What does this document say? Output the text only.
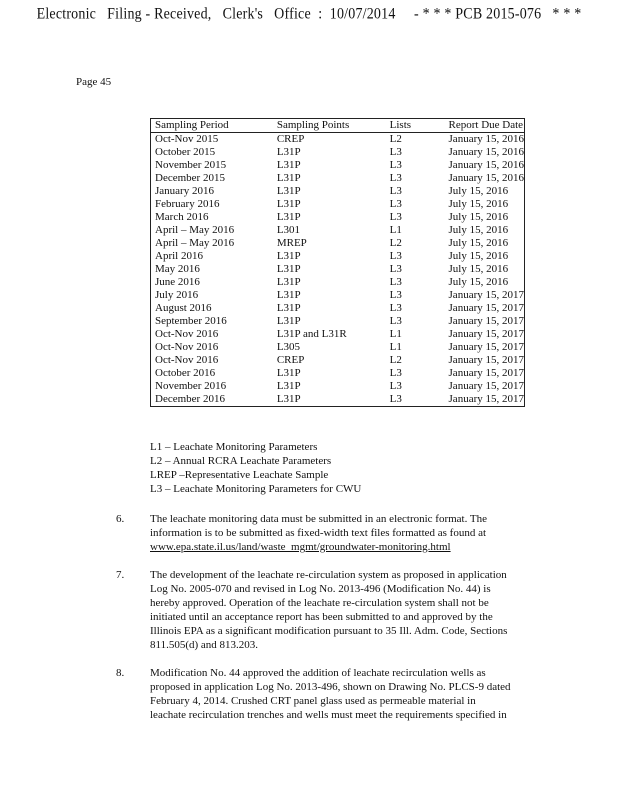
Electronic   Filing - Received,   Clerk's   Office  :  10/07/2014     - * * * PCB 2015-076   * * *
Page 45
Sampling Period	Sampling Points	Lists	Report Due Date
Oct-Nov 2015	CREP	L2	January 15, 2016
October 2015	L31P	L3	January 15, 2016
November 2015	L31P	L3	January 15, 2016
December 2015	L31P	L3	January 15, 2016
January 2016	L31P	L3	July 15, 2016
February 2016	L31P	L3	July 15, 2016
March 2016	L31P	L3	July 15, 2016
April – May 2016	L301	L1	July 15, 2016
April – May 2016	MREP	L2	July 15, 2016
April 2016	L31P	L3	July 15, 2016
May 2016	L31P	L3	July 15, 2016
June 2016	L31P	L3	July 15, 2016
July 2016	L31P	L3	January 15, 2017
August 2016	L31P	L3	January 15, 2017
September 2016	L31P	L3	January 15, 2017
Oct-Nov 2016	L31P and L31R	L1	January 15, 2017
Oct-Nov 2016	L305	L1	January 15, 2017
Oct-Nov 2016	CREP	L2	January 15, 2017
October 2016	L31P	L3	January 15, 2017
November 2016	L31P	L3	January 15, 2017
December 2016	L31P	L3	January 15, 2017
L1 – Leachate Monitoring Parameters
L2 – Annual RCRA Leachate Parameters
LREP –Representative Leachate Sample
L3 – Leachate Monitoring Parameters for CWU
6. The leachate monitoring data must be submitted in an electronic format. The
information is to be submitted as fixed-width text files formatted as found at
www.epa.state.il.us/land/waste_mgmt/groundwater-monitoring.html
7. The development of the leachate re-circulation system as proposed in application
Log No. 2005-070 and revised in Log No. 2013-496 (Modification No. 44) is
hereby approved. Operation of the leachate re-circulation system shall not be
initiated until an acceptance report has been submitted to and approved by the
Illinois EPA as a significant modification pursuant to 35 Ill. Adm. Code, Sections
811.505(d) and 813.203.
8. Modification No. 44 approved the addition of leachate recirculation wells as
proposed in application Log No. 2013-496, shown on Drawing No. PLCS-9 dated
February 4, 2014. Crushed CRT panel glass used as permeable material in
leachate recirculation trenches and wells must meet the requirements specified in
